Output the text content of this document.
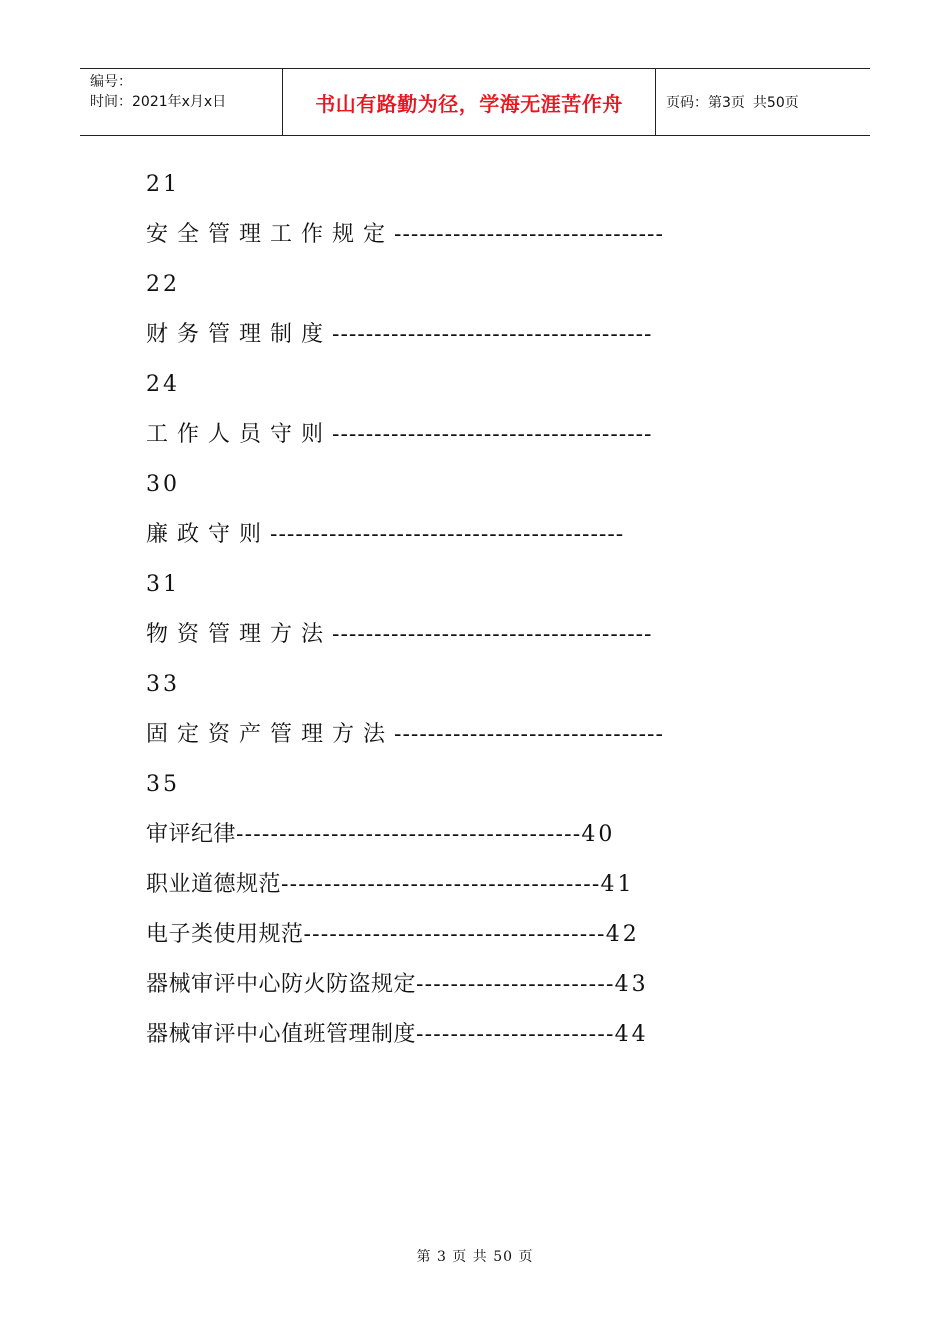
编号：
时间：2021年x月x日	书山有路勤为径，学海无涯苦作舟	页码：第3页 共50页
21
安全管理工作规定--------------------------------
22
财务管理制度--------------------------------------
24
工作人员守则--------------------------------------
30
廉政守则------------------------------------------
31
物资管理方法--------------------------------------
33
固定资产管理方法--------------------------------
35
审评纪律----------------------------------------40
职业道德规范-------------------------------------41
电子类使用规范-----------------------------------42
器械审评中心防火防盗规定-----------------------43
器械审评中心值班管理制度-----------------------44
第 3 页 共 50 页
